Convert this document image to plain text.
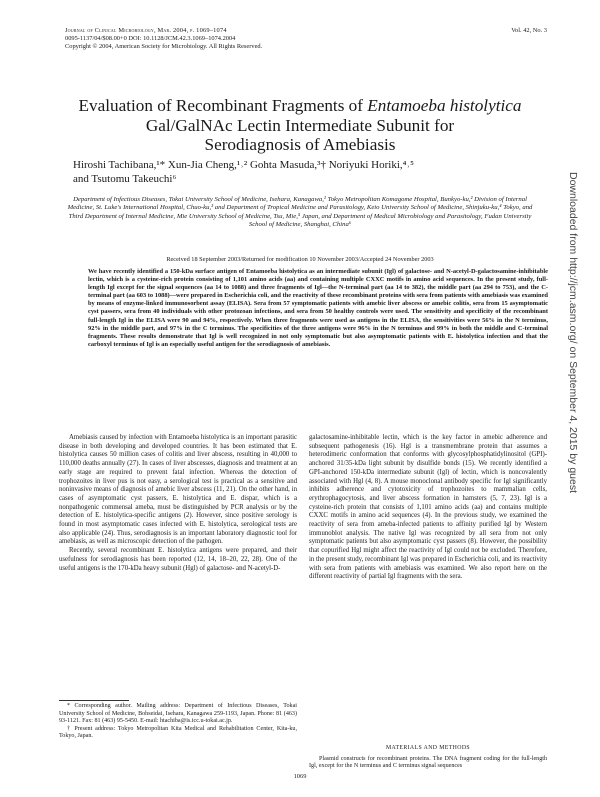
Journal of Clinical Microbiology, Mar. 2004, p. 1069–1074
0095-1137/04/$08.00+0 DOI: 10.1128/JCM.42.3.1069–1074.2004
Copyright © 2004, American Society for Microbiology. All Rights Reserved.
Vol. 42, No. 3
Evaluation of Recombinant Fragments of Entamoeba histolytica
Gal/GalNAc Lectin Intermediate Subunit for
Serodiagnosis of Amebiasis
Hiroshi Tachibana,¹* Xun-Jia Cheng,¹˒² Gohta Masuda,³† Noriyuki Horiki,⁴˒⁵
and Tsutomu Takeuchi⁶
Department of Infectious Diseases, Tokai University School of Medicine, Isehara, Kanagawa,¹ Tokyo Metropolitan Komagome Hospital, Bunkyo-ku,² Division of Internal Medicine, St. Luke's International Hospital, Chuo-ku,³ and Department of Tropical Medicine and Parasitology, Keio University School of Medicine, Shinjuku-ku,⁴ Tokyo, and Third Department of Internal Medicine, Mie University School of Medicine, Tsu, Mie,⁵ Japan, and Department of Medical Microbiology and Parasitology, Fudan University School of Medicine, Shanghai, China⁶
Received 18 September 2003/Returned for modification 10 November 2003/Accepted 24 November 2003
We have recently identified a 150-kDa surface antigen of Entamoeba histolytica as an intermediate subunit (Igl) of galactose- and N-acetyl-D-galactosamine-inhibitable lectin, which is a cysteine-rich protein consisting of 1,101 amino acids (aa) and containing multiple CXXC motifs in amino acid sequences. In the present study, full-length Igl except for the signal sequences (aa 14 to 1088) and three fragments of Igl—the N-terminal part (aa 14 to 382), the middle part (aa 294 to 753), and the C-terminal part (aa 603 to 1088)—were prepared in Escherichia coli, and the reactivity of these recombinant proteins with sera from patients with amebiasis was examined by means of enzyme-linked immunosorbent assay (ELISA). Sera from 57 symptomatic patients with amebic liver abscess or amebic colitis, sera from 15 asymptomatic cyst passers, sera from 40 individuals with other protozoan infections, and sera from 50 healthy controls were used. The sensitivity and specificity of the recombinant full-length Igl in the ELISA were 90 and 94%, respectively. When three fragments were used as antigens in the ELISA, the sensitivities were 56% in the N terminus, 92% in the middle part, and 97% in the C terminus. The specificities of the three antigens were 96% in the N terminus and 99% in both the middle and C-terminal fragments. These results demonstrate that Igl is well recognized in not only symptomatic but also asymptomatic patients with E. histolytica infection and that the carboxyl terminus of Igl is an especially useful antigen for the serodiagnosis of amebiasis.

Amebiasis caused by infection with Entamoeba histolytica is an important parasitic disease in both developing and developed countries. It has been estimated that E. histolytica causes 50 million cases of colitis and liver abscess, resulting in 40,000 to 110,000 deaths annually (27). In cases of liver abscesses, diagnosis and treatment at an early stage are required to prevent fatal infection. Whereas the detection of trophozoites in liver pus is not easy, a serological test is practical as a sensitive and noninvasive means of diagnosis of amebic liver abscess (11, 21). On the other hand, in cases of asymptomatic cyst passers, E. histolytica and E. dispar, which is a nonpathogenic commensal ameba, must be distinguished by PCR analysis or by the detection of E. histolytica-specific antigens (2). However, since positive serology is found in most asymptomatic cases infected with E. histolytica, serological tests are also applicable (24). Thus, serodiagnosis is an important laboratory diagnostic tool for amebiasis, as well as microscopic detection of the pathogen.

Recently, several recombinant E. histolytica antigens were prepared, and their usefulness for serodiagnosis has been reported (12, 14, 18–20, 22, 28). One of the useful antigens is the 170-kDa heavy subunit (Hgl) of galactose- and N-acetyl-D-

galactosamine-inhibitable lectin, which is the key factor in amebic adherence and subsequent pathogenesis (16). Hgl is a transmembrane protein that assumes a heterodimeric conformation that conforms with glycosylphosphatidylinositol (GPI)-anchored 31/35-kDa light subunit by disulfide bonds (15). We recently identified a GPI-anchored 150-kDa intermediate subunit (Igl) of lectin, which is noncovalently associated with Hgl (4, 8). A mouse monoclonal antibody specific for Igl significantly inhibits adherence and cytotoxicity of trophozoites to mammalian cells, erythrophagocytosis, and liver abscess formation in hamsters (5, 7, 23). Igl is a cysteine-rich protein that consists of 1,101 amino acids (aa) and contains multiple CXXC motifs in amino acid sequences (4). In the previous study, we examined the reactivity of sera from ameba-infected patients to affinity purified Igl by Western immunoblot analysis. The native Igl was recognized by all sera from not only symptomatic patients but also asymptomatic cyst passers (8). However, the possibility that copurified Hgl might affect the reactivity of Igl could not be excluded. Therefore, in the present study, recombinant Igl was prepared in Escherichia coli, and its reactivity with sera from patients with amebiasis was examined. We also report here on the different reactivity of partial Igl fragments with the sera.

* Corresponding author. Mailing address: Department of Infectious Diseases, Tokai University School of Medicine, Bohseidai, Isehara, Kanagawa 259-1193, Japan. Phone: 81 (463) 93-1121. Fax: 81 (463) 95-5450. E-mail: htachiba@is.icc.u-tokai.ac.jp.

† Present address: Tokyo Metropolitan Kita Medical and Rehabilitation Center, Kita-ku, Tokyo, Japan.

MATERIALS AND METHODS

Plasmid constructs for recombinant proteins. The DNA fragment coding for the full-length Igl, except for the N terminus and C terminus signal sequences

1069
Downloaded from http://jcm.asm.org/ on September 4, 2015 by guest
